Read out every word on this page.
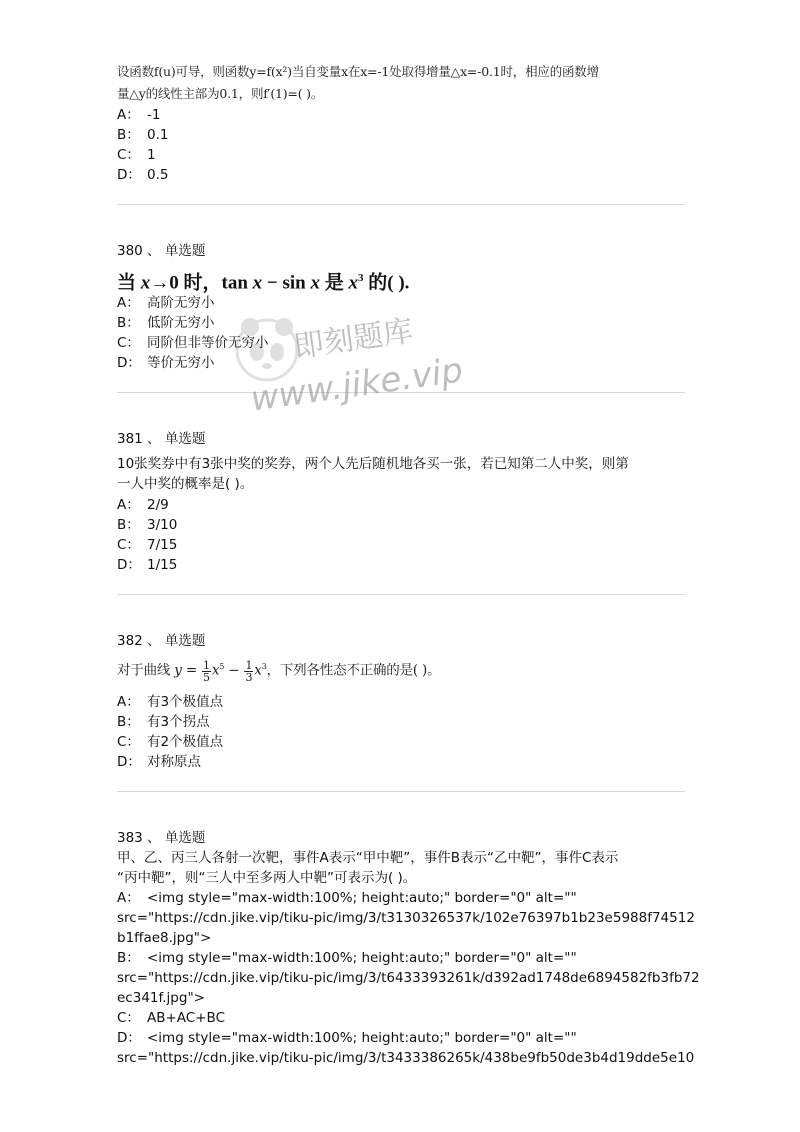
设函数f(u)可导，则函数y=f(x²)当自变量x在x=-1处取得增量△x=-0.1时，相应的函数增
量△y的线性主部为0.1，则f′(1)=( )。
A： -1
B： 0.1
C： 1
D： 0.5
380 、 单选题
当 x→0 时，tan x − sin x 是 $x^3$ 的( ).
A： 高阶无穷小
B： 低阶无穷小
C： 同阶但非等价无穷小
D： 等价无穷小
381 、 单选题
10张奖券中有3张中奖的奖券，两个人先后随机地各买一张，若已知第二人中奖，则第
一人中奖的概率是( )。
A： 2/9
B： 3/10
C： 7/15
D： 1/15
382 、 单选题
对于曲线 $y = \frac{1}{5} x^5 - \frac{1}{3} x^3$，下列各性态不正确的是( )。
A： 有3个极值点
B： 有3个拐点
C： 有2个极值点
D： 对称原点
383 、 单选题
甲、乙、丙三人各射一次靶，事件A表示“甲中靶”，事件B表示“乙中靶”，事件C表示
“丙中靶”，则“三人中至多两人中靶”可表示为( )。
A： <img style="max-width:100%; height:auto;" border="0" alt=""
src="https://cdn.jike.vip/tiku-pic/img/3/t3130326537k/102e76397b1b23e5988f74512
b1ffae8.jpg">
B： <img style="max-width:100%; height:auto;" border="0" alt=""
src="https://cdn.jike.vip/tiku-pic/img/3/t6433393261k/d392ad1748de6894582fb3fb72
ec341f.jpg">
C： AB+AC+BC
D： <img style="max-width:100%; height:auto;" border="0" alt=""
src="https://cdn.jike.vip/tiku-pic/img/3/t3433386265k/438be9fb50de3b4d19dde5e10
即刻题库
www.jike.vip
